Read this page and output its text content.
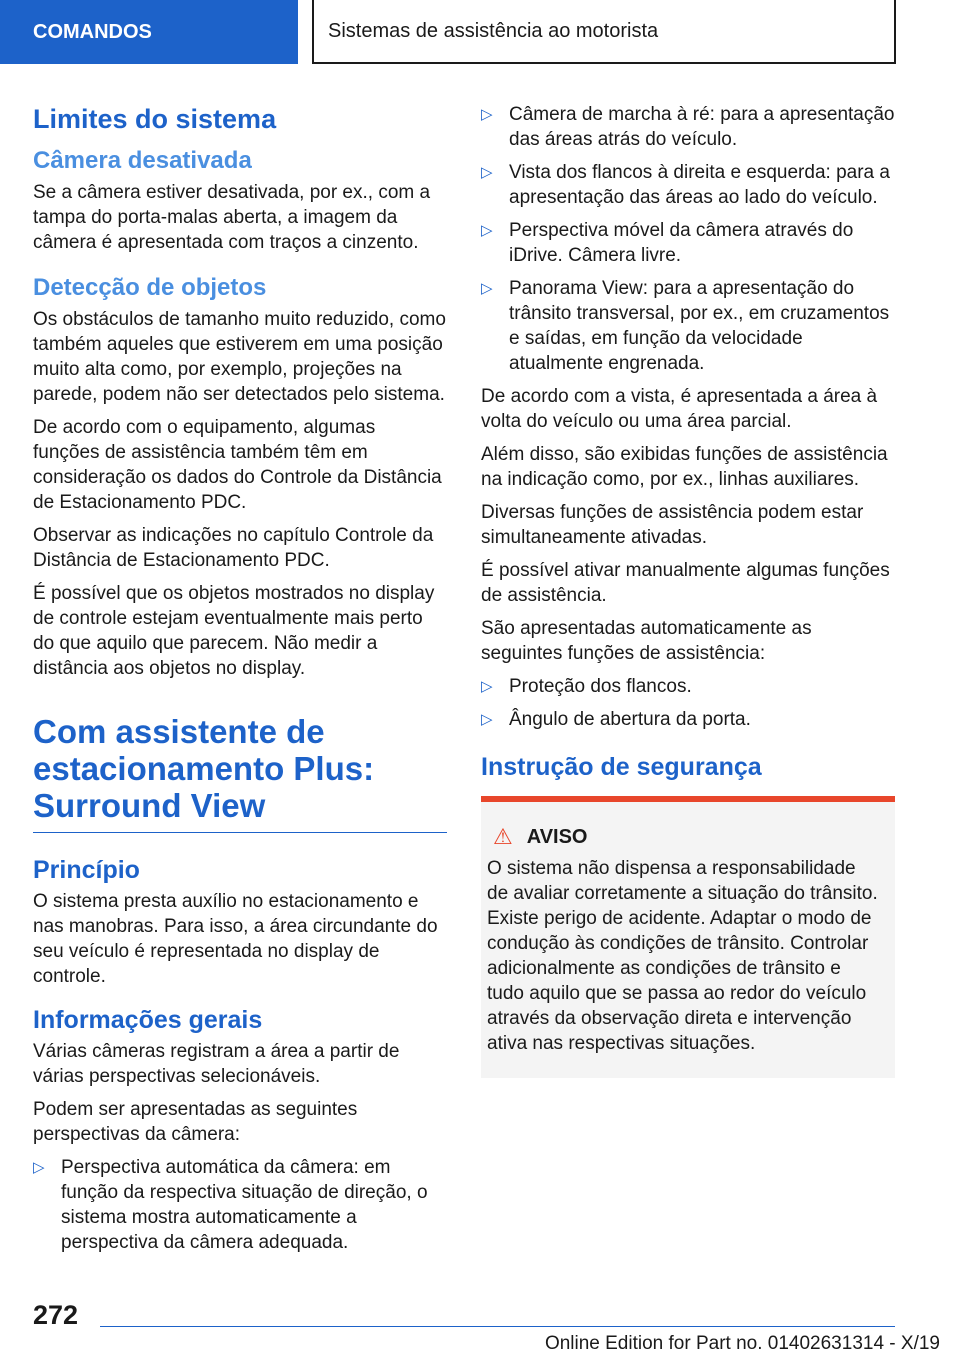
COMANDOS	Sistemas de assistência ao motorista
Limites do sistema
Câmera desativada

Se a câmera estiver desativada, por ex., com a tampa do porta-malas aberta, a imagem da câmera é apresentada com traços a cinzento.

Detecção de objetos

Os obstáculos de tamanho muito reduzido, como também aqueles que estiverem em uma posição muito alta como, por exemplo, projeções na parede, podem não ser detectados pelo sistema.

De acordo com o equipamento, algumas funções de assistência também têm em consideração os dados do Controle da Distância de Estacionamento PDC.

Observar as indicações no capítulo Controle da Distância de Estacionamento PDC.

É possível que os objetos mostrados no display de controle estejam eventualmente mais perto do que aquilo que parecem. Não medir a distância aos objetos no display.

Com assistente de estacionamento Plus: Surround View
Princípio

O sistema presta auxílio no estacionamento e nas manobras. Para isso, a área circundante do seu veículo é representada no display de controle.

Informações gerais

Várias câmeras registram a área a partir de várias perspectivas selecionáveis.

Podem ser apresentadas as seguintes perspectivas da câmera:

▷ Perspectiva automática da câmera: em função da respectiva situação de direção, o sistema mostra automaticamente a perspectiva da câmera adequada.
▷ Câmera de marcha à ré: para a apresentação das áreas atrás do veículo.
▷ Vista dos flancos à direita e esquerda: para a apresentação das áreas ao lado do veículo.
▷ Perspectiva móvel da câmera através do iDrive. Câmera livre.
▷ Panorama View: para a apresentação do trânsito transversal, por ex., em cruzamentos e saídas, em função da velocidade atualmente engrenada.

De acordo com a vista, é apresentada a área à volta do veículo ou uma área parcial.

Além disso, são exibidas funções de assistência na indicação como, por ex., linhas auxiliares.

Diversas funções de assistência podem estar simultaneamente ativadas.

É possível ativar manualmente algumas funções de assistência.

São apresentadas automaticamente as seguintes funções de assistência:

▷ Proteção dos flancos.
▷ Ângulo de abertura da porta.
Instrução de segurança
⚠ AVISO

O sistema não dispensa a responsabilidade de avaliar corretamente a situação do trânsito. Existe perigo de acidente. Adaptar o modo de condução às condições de trânsito. Controlar adicionalmente as condições de trânsito e tudo aquilo que se passa ao redor do veículo através da observação direta e intervenção ativa nas respectivas situações.

272
Online Edition for Part no. 01402631314 - X/19
